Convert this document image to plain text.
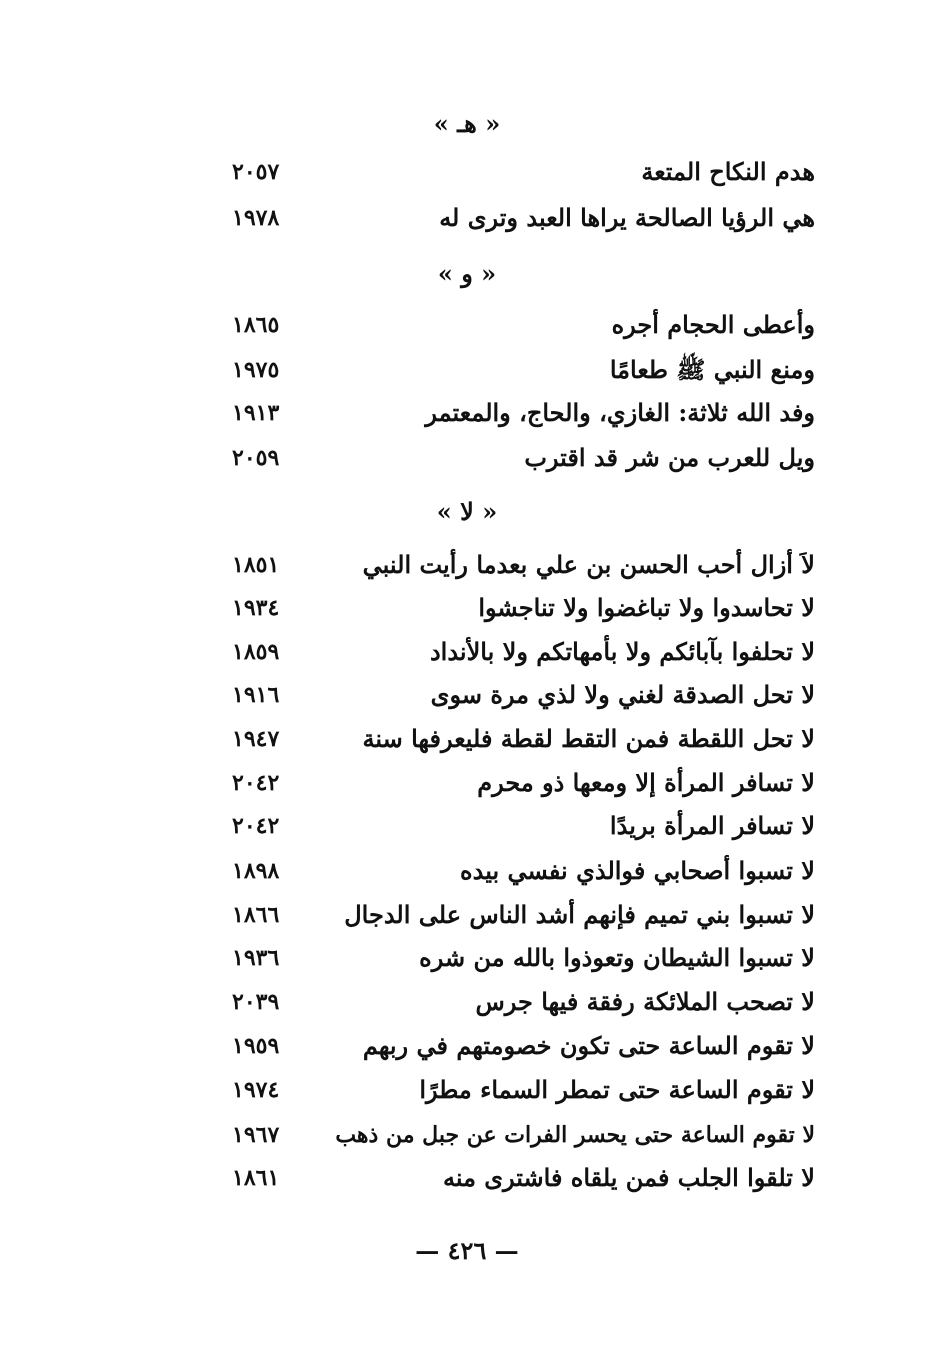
« هـ »
هدم النكاح المتعة
٢٠٥٧
هي الرؤيا الصالحة يراها العبد وترى له
١٩٧٨
« و »
وأعطى الحجام أجره
١٨٦٥
ومنع النبي ﷺ طعامًا
١٩٧٥
وفد الله ثلاثة: الغازي، والحاج، والمعتمر
١٩١٣
ويل للعرب من شر قد اقترب
٢٠٥٩
« لا »
لاَ أزال أحب الحسن بن علي بعدما رأيت النبي
١٨٥١
لا تحاسدوا ولا تباغضوا ولا تناجشوا
١٩٣٤
لا تحلفوا بآبائكم ولا بأمهاتكم ولا بالأنداد
١٨٥٩
لا تحل الصدقة لغني ولا لذي مرة سوى
١٩١٦
لا تحل اللقطة فمن التقط لقطة فليعرفها سنة
١٩٤٧
لا تسافر المرأة إلا ومعها ذو محرم
٢٠٤٢
لا تسافر المرأة بريدًا
٢٠٤٢
لا تسبوا أصحابي فوالذي نفسي بيده
١٨٩٨
لا تسبوا بني تميم فإنهم أشد الناس على الدجال
١٨٦٦
لا تسبوا الشيطان وتعوذوا بالله من شره
١٩٣٦
لا تصحب الملائكة رفقة فيها جرس
٢٠٣٩
لا تقوم الساعة حتى تكون خصومتهم في ربهم
١٩٥٩
لا تقوم الساعة حتى تمطر السماء مطرًا
١٩٧٤
لا تقوم الساعة حتى يحسر الفرات عن جبل من ذهب
١٩٦٧
لا تلقوا الجلب فمن يلقاه فاشترى منه
١٨٦١
— ٤٢٦ —
